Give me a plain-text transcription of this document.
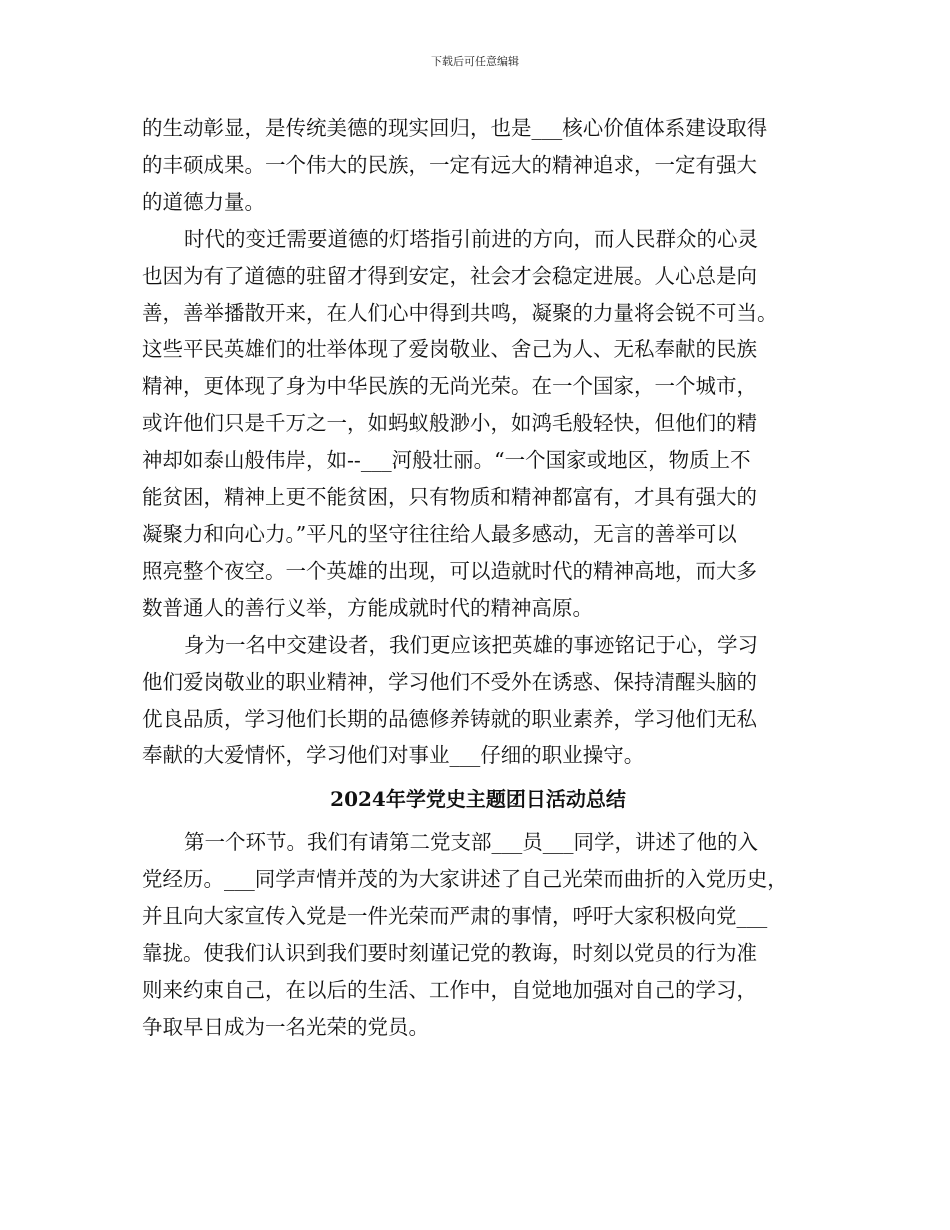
下载后可任意编辑

的生动彰显，是传统美德的现实回归，也是___核心价值体系建设取得
的丰硕成果。一个伟大的民族，一定有远大的精神追求，一定有强大
的道德力量。

时代的变迁需要道德的灯塔指引前进的方向，而人民群众的心灵
也因为有了道德的驻留才得到安定，社会才会稳定进展。人心总是向
善，善举播散开来，在人们心中得到共鸣，凝聚的力量将会锐不可当。
这些平民英雄们的壮举体现了爱岗敬业、舍己为人、无私奉献的民族
精神，更体现了身为中华民族的无尚光荣。在一个国家，一个城市，
或许他们只是千万之一，如蚂蚁般渺小，如鸿毛般轻快，但他们的精
神却如泰山般伟岸，如--___河般壮丽。“一个国家或地区，物质上不
能贫困，精神上更不能贫困，只有物质和精神都富有，才具有强大的
凝聚力和向心力。”平凡的坚守往往给人最多感动，无言的善举可以
照亮整个夜空。一个英雄的出现，可以造就时代的精神高地，而大多
数普通人的善行义举，方能成就时代的精神高原。

身为一名中交建设者，我们更应该把英雄的事迹铭记于心，学习
他们爱岗敬业的职业精神，学习他们不受外在诱惑、保持清醒头脑的
优良品质，学习他们长期的品德修养铸就的职业素养，学习他们无私
奉献的大爱情怀，学习他们对事业___仔细的职业操守。

2024年学党史主题团日活动总结

第一个环节。我们有请第二党支部___员___同学，讲述了他的入
党经历。___同学声情并茂的为大家讲述了自己光荣而曲折的入党历史，
并且向大家宣传入党是一件光荣而严肃的事情，呼吁大家积极向党___
靠拢。使我们认识到我们要时刻谨记党的教诲，时刻以党员的行为准
则来约束自己，在以后的生活、工作中，自觉地加强对自己的学习，
争取早日成为一名光荣的党员。
